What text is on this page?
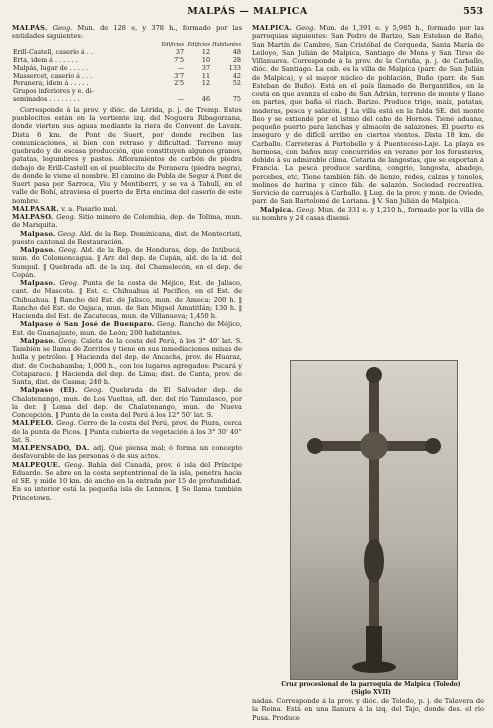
MALPÁS — MALPICA	553

MALPÁS. Geog. Mun. de 128 e, y 378 h., formado por las entidades siguientes:

	Edificios	Edificios	Habitantes
Erill-Castell, caserío á . .	37	12	48
Erta, idem á . . . . . .	7'5	10	28
Malpás, lugar de . . . . .	—	37	133
Massercet, caserío á . . .	3'7	11	42
Peranera, idem á . . . . .	2'5	12	52
Grupos inferiores y e. di-			
seminados . . . . . . . .	—	46	75

Corresponde á la prov. y dióc. de Lérida, p. j. de Tremp. Estos pueblecitos están en la vertiente izq. del Noguera Ribagorzana, donde vierten sus aguas mediante la riera de Convent de Lavaix. Dista 6 km. de Pont de Suert, por donde reciben las comunicaciones, si bien con retraso y dificultad. Terreno muy quebrado y de escasa producción, que constituyen algunos granos, patatas, legumbres y pastos. Afloramientos de carbón de piedra debajo de Erill-Castell en el pueblecito de Peranera (piedra negra), de donde le viene el nombre. El camino de Pobla de Segur á Pont de Suert pasa por Sarroca, Viu y Montiberri, y se va á Tahull, en el valle de Bohí, atraviesa el puerto de Erta encima del caserío de este nombre.

MALPASAR. v. a. Pasarlo mal.

MALPASO. Geog. Sitio minero de Colombia, dep. de Tolima, mun. de Mariquita.

Malpaso. Geog. Ald. de la Rep. Dominicana, dist. de Montecristi, puesto cantonal de Restauración.

Malpaso. Geog. Ald. de la Rep. de Honduras, dep. de Intibucá, mun. de Colomoncagua. ‖ Arr. del dep. de Copán, ald. de la id. del Sumpul. ‖ Quebrada afl. de la izq. del Chamelecón, en el dep. de Copán.

Malpaso. Geog. Punta de la costa de Méjico, Est. de Jalisco, cant. de Mascota. ‖ Est. c. Chihuahua al Pacífico, en el Est. de Chihuahua. ‖ Rancho del Est. de Jalisco, mun. de Ameca: 200 h. ‖ Rancho del Est. de Oajaca, mun. de San Miguel Amatitlán; 130 h. ‖ Hacienda del Est. de Zacatecas, mun. de Villanueva; 1,450 h.

Malpaso ó San José de Buenparo. Geog. Rancho de Méjico, Est. de Guanajuato, mun. de León; 200 habitantes.

Malpaso. Geog. Caleta de la costa del Perú, á los 3° 40' lat. S. También se llama de Zorritos y tiene en sus inmediaciones minas de hulla y petróleo. ‖ Hacienda del dep. de Ancachs, prov. de Huaraz, dist. de Cochabamba; 1,000 h., con los lugares agregados: Pucará y Cotaparaco. ‖ Hacienda del dep. de Lima; dist. de Canta, prov. de Santa, dist. de Casma; 240 h.

Malpaso (El). Geog. Quebrada de El Salvador dep. de Chalatenango, mun. de Los Vueltas, afl. der. del río Tamulasco, por la der. ‖ Loma del dep. de Chalatenango, mun. de Nueva Concepción. ‖ Punta de la costa del Perú á los 12° 50' lat. S.

MALPELO. Geog. Cerro de la costa del Perú, prov. de Piura, cerca de la punta de Picos. ‖ Punta cubierta de vegetación á los 3° 30' 40'' lat. S.

MALPENSADO, DA. adj. Que piensa mal; ó forma un concepto desfavorable de las personas ó de sus actos.

MALPEQUE. Geog. Bahía del Canadá, prov. é isla del Príncipe Eduardo. Se abre en la costa septentrional de la isla, penetra hacia el SE. y mide 10 km. de ancho en la entrada por 15 de profundidad. En su interior está la pequeña isla de Lennox. ‖ Se llama también Princetown.

MALPICA. Geog. Mun. de 1,391 e. y 5,985 h., formado por las parroquias siguientes: San Pedro de Barizo, San Esteban de Baño, San Martín de Cambre, San Cristóbal de Cerqueda, Santa María de Leiloyo, San Julián de Malpica, Santiago de Mens y San Tirso de Villanueva. Corresponde á la prov. de la Coruña, p. j. de Carballo, dióc. de Santiago. La cab. es la villa de Malpica (parr. de San Julián de Malpica), y el mayor núcleo de población, Buño (parr. de San Esteban de Buño). Está en el país llamado de Bergantiños, en la costa en que avanza el cabo de San Adrián, terreno de monte y llano en partes, que baña el riach. Barizo. Produce trigo, maíz, patatas, maderas, pesca y salazón. ‖ La villa está en la falda SE. del monte Ileo y se extiende por el istmo del cabo de Hornos. Tiene aduana, pequeño puerto para lanchas y almacén de salazones. El puerto es inseguro y de difícil arribo en ciertos vientos. Dista 18 km. de Carballo. Carreteras á Portobello y á Puenteceso-Laje. La playa es hermosa, con baños muy concurridos en verano por los forasteros, debido á su admirable clima. Cetaria de langostas, que se exportan á Francia. La pesca produce sardina, congrio, langosta, abadejo, percebes, etc. Tiene también fáb. de lienzo, redes, calzas y toneles, molinos de harina y cinco fáb. de salazón. Sociedad recreativa. Servicio de carruajes á Carballo. ‖ Lug. de la prov. y mun. de Oviedo, parr. de San Bartolomé de Loriana. ‖ V. San Julián de Malpica.

Malpica. Geog. Mun. de 331 e. y 1,210 h., formado por la villa de su nombre y 24 casas disemi-

Cruz procesional de la parroquia de Malpica (Toledo)
(Siglo XVII)

nadas. Corresponde á la prov. y dióc. de Toledo, p. j. de Talavera de la Reina. Está en una llanura á la izq. del Tajo, donde des. el río Pusa. Produce
